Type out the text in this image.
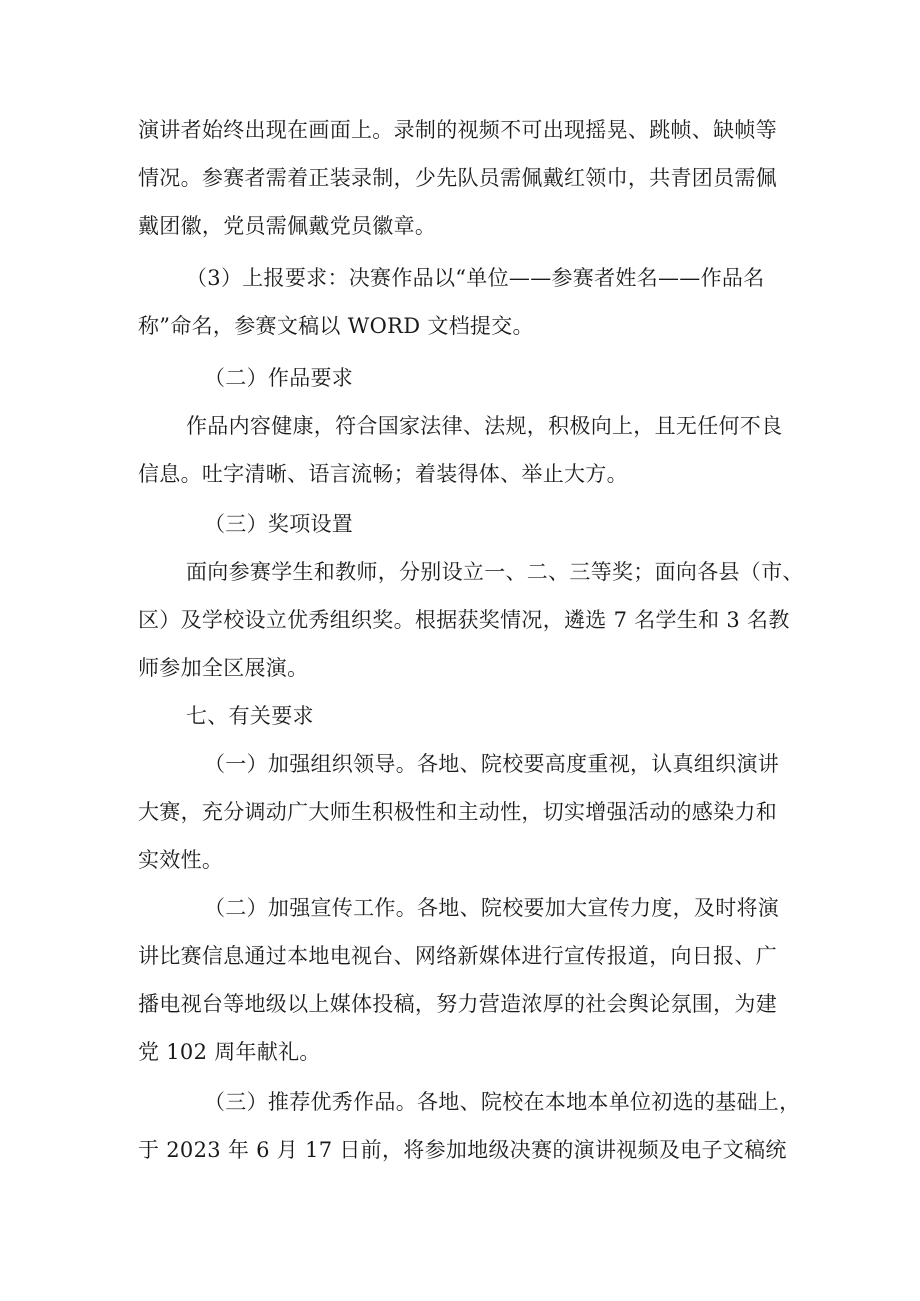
演讲者始终出现在画面上。录制的视频不可出现摇晃、跳帧、缺帧等
情况。参赛者需着正装录制，少先队员需佩戴红领巾，共青团员需佩
戴团徽，党员需佩戴党员徽章。
（3）上报要求：决赛作品以“单位——参赛者姓名——作品名
称”命名，参赛文稿以 WORD 文档提交。
（二）作品要求
作品内容健康，符合国家法律、法规，积极向上，且无任何不良
信息。吐字清晰、语言流畅；着装得体、举止大方。
（三）奖项设置
面向参赛学生和教师，分别设立一、二、三等奖；面向各县（市、
区）及学校设立优秀组织奖。根据获奖情况，遴选 7 名学生和 3 名教
师参加全区展演。
七、有关要求
（一）加强组织领导。各地、院校要高度重视，认真组织演讲
大赛，充分调动广大师生积极性和主动性，切实增强活动的感染力和
实效性。
（二）加强宣传工作。各地、院校要加大宣传力度，及时将演
讲比赛信息通过本地电视台、网络新媒体进行宣传报道，向日报、广
播电视台等地级以上媒体投稿，努力营造浓厚的社会舆论氛围，为建
党 102 周年献礼。
（三）推荐优秀作品。各地、院校在本地本单位初选的基础上，
于 2023 年 6 月 17 日前，将参加地级决赛的演讲视频及电子文稿统
